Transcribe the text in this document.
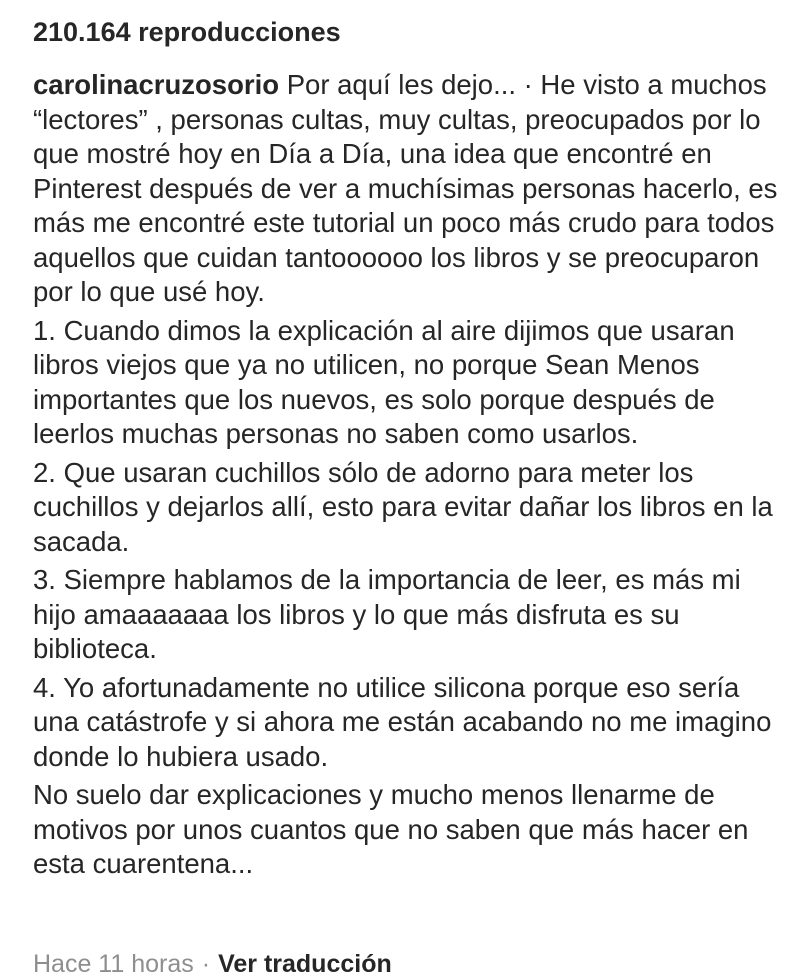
210.164 reproducciones

carolinacruzosorio Por aquí les dejo... · He visto a muchos “lectores” , personas cultas, muy cultas, preocupados por lo que mostré hoy en Día a Día, una idea que encontré en Pinterest después de ver a muchísimas personas hacerlo, es más me encontré este tutorial un poco más crudo para todos aquellos que cuidan tantoooooo los libros y se preocuparon por lo que usé hoy.

1. Cuando dimos la explicación al aire dijimos que usaran libros viejos que ya no utilicen, no porque Sean Menos importantes que los nuevos, es solo porque después de leerlos muchas personas no saben como usarlos.

2. Que usaran cuchillos sólo de adorno para meter los cuchillos y dejarlos allí, esto para evitar dañar los libros en la sacada.

3. Siempre hablamos de la importancia de leer, es más mi hijo amaaaaaaa los libros y lo que más disfruta es su biblioteca.

4. Yo afortunadamente no utilice silicona porque eso sería una catástrofe y si ahora me están acabando no me imagino donde lo hubiera usado.

No suelo dar explicaciones y mucho menos llenarme de motivos por unos cuantos que no saben que más hacer en esta cuarentena...

Hace 11 horas · Ver traducción
